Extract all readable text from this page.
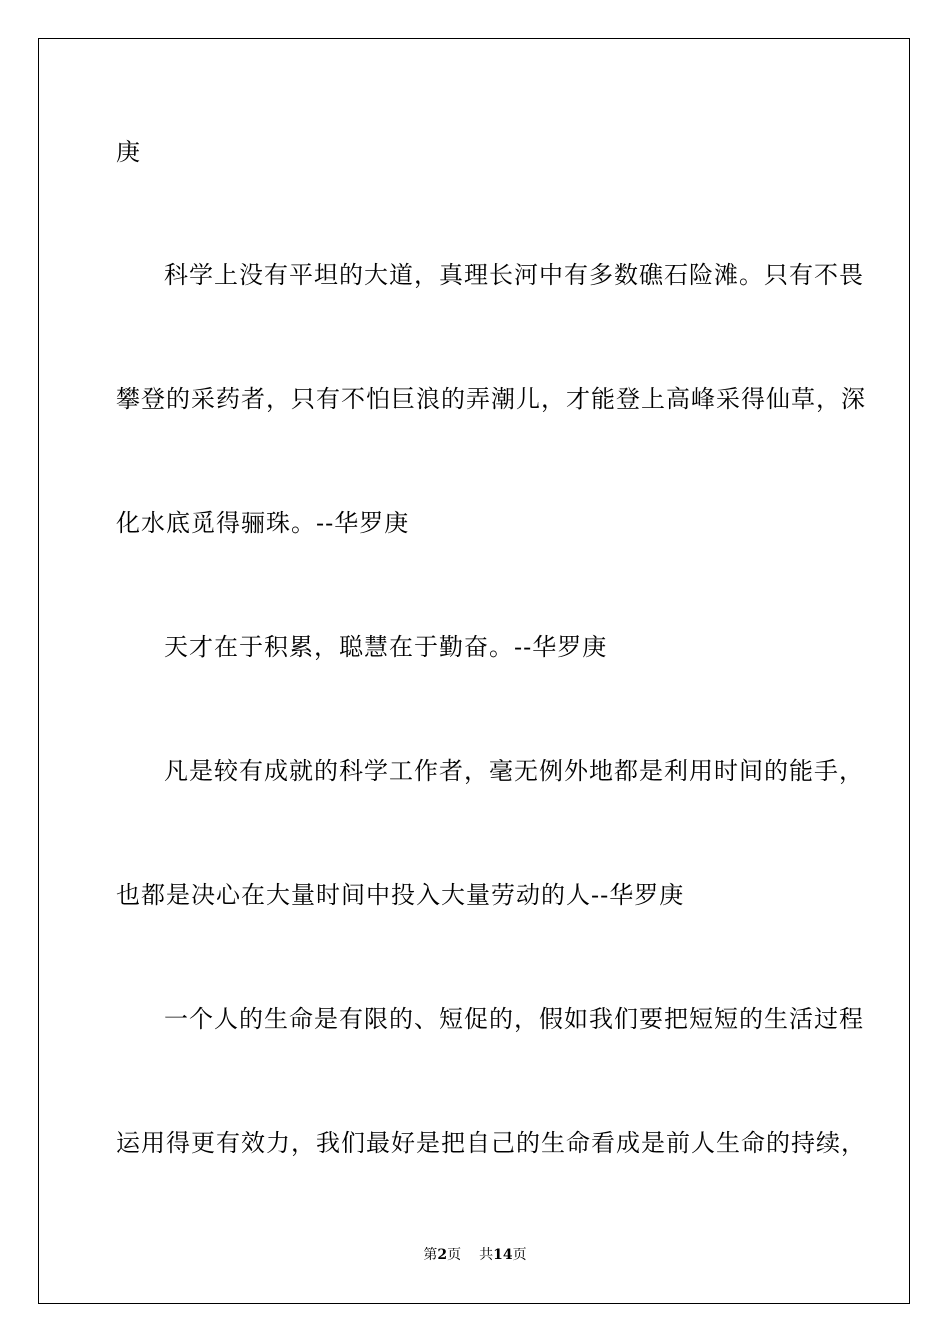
庚
科学上没有平坦的大道，真理长河中有多数礁石险滩。只有不畏
攀登的采药者，只有不怕巨浪的弄潮儿，才能登上高峰采得仙草，深
化水底觅得骊珠。--华罗庚
天才在于积累，聪慧在于勤奋。--华罗庚
凡是较有成就的科学工作者，毫无例外地都是利用时间的能手，
也都是决心在大量时间中投入大量劳动的人--华罗庚
一个人的生命是有限的、短促的，假如我们要把短短的生活过程
运用得更有效力，我们最好是把自己的生命看成是前人生命的持续，
第2页 共14页
